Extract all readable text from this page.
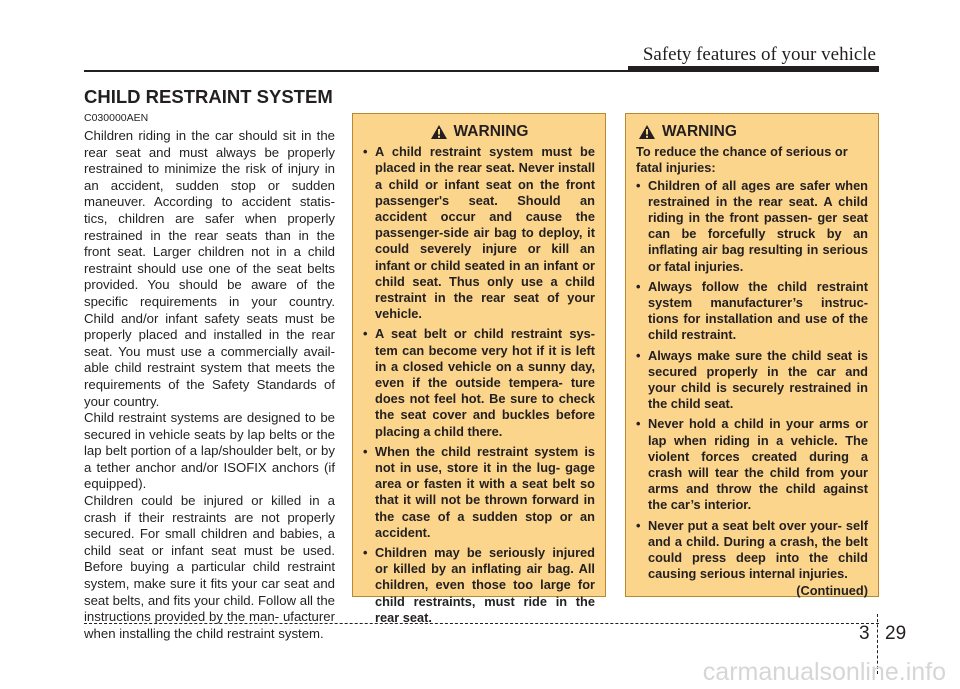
Safety features of your vehicle
CHILD RESTRAINT SYSTEM
C030000AEN

Children riding in the car should sit in the rear seat and must always be properly restrained to minimize the risk of injury in an accident, sudden stop or sudden maneuver. According to accident statis- tics, children are safer when properly restrained in the rear seats than in the front seat. Larger children not in a child restraint should use one of the seat belts provided. You should be aware of the specific requirements in your country. Child and/or infant safety seats must be properly placed and installed in the rear seat. You must use a commercially avail- able child restraint system that meets the requirements of the Safety Standards of your country.

Child restraint systems are designed to be secured in vehicle seats by lap belts or the lap belt portion of a lap/shoulder belt, or by a tether anchor and/or ISOFIX anchors (if equipped).

Children could be injured or killed in a crash if their restraints are not properly secured. For small children and babies, a child seat or infant seat must be used. Before buying a particular child restraint system, make sure it fits your car seat and seat belts, and fits your child. Follow all the instructions provided by the man- ufacturer when installing the child restraint system.

WARNING
• A child restraint system must be placed in the rear seat. Never install a child or infant seat on the front passenger's seat. Should an accident occur and cause the passenger-side air bag to deploy, it could severely injure or kill an infant or child seated in an infant or child seat. Thus only use a child restraint in the rear seat of your vehicle.
• A seat belt or child restraint sys- tem can become very hot if it is left in a closed vehicle on a sunny day, even if the outside tempera- ture does not feel hot. Be sure to check the seat cover and buckles before placing a child there.
• When the child restraint system is not in use, store it in the lug- gage area or fasten it with a seat belt so that it will not be thrown forward in the case of a sudden stop or an accident.
• Children may be seriously injured or killed by an inflating air bag. All children, even those too large for child restraints, must ride in the rear seat.
WARNING

To reduce the chance of serious or fatal injuries:

• Children of all ages are safer when restrained in the rear seat. A child riding in the front passen- ger seat can be forcefully struck by an inflating air bag resulting in serious or fatal injuries.
• Always follow the child restraint system manufacturer’s instruc- tions for installation and use of the child restraint.
• Always make sure the child seat is secured properly in the car and your child is securely restrained in the child seat.
• Never hold a child in your arms or lap when riding in a vehicle. The violent forces created during a crash will tear the child from your arms and throw the child against the car’s interior.
• Never put a seat belt over your- self and a child. During a crash, the belt could press deep into the child causing serious internal injuries.
(Continued)
3 29
carmanualsonline.info
